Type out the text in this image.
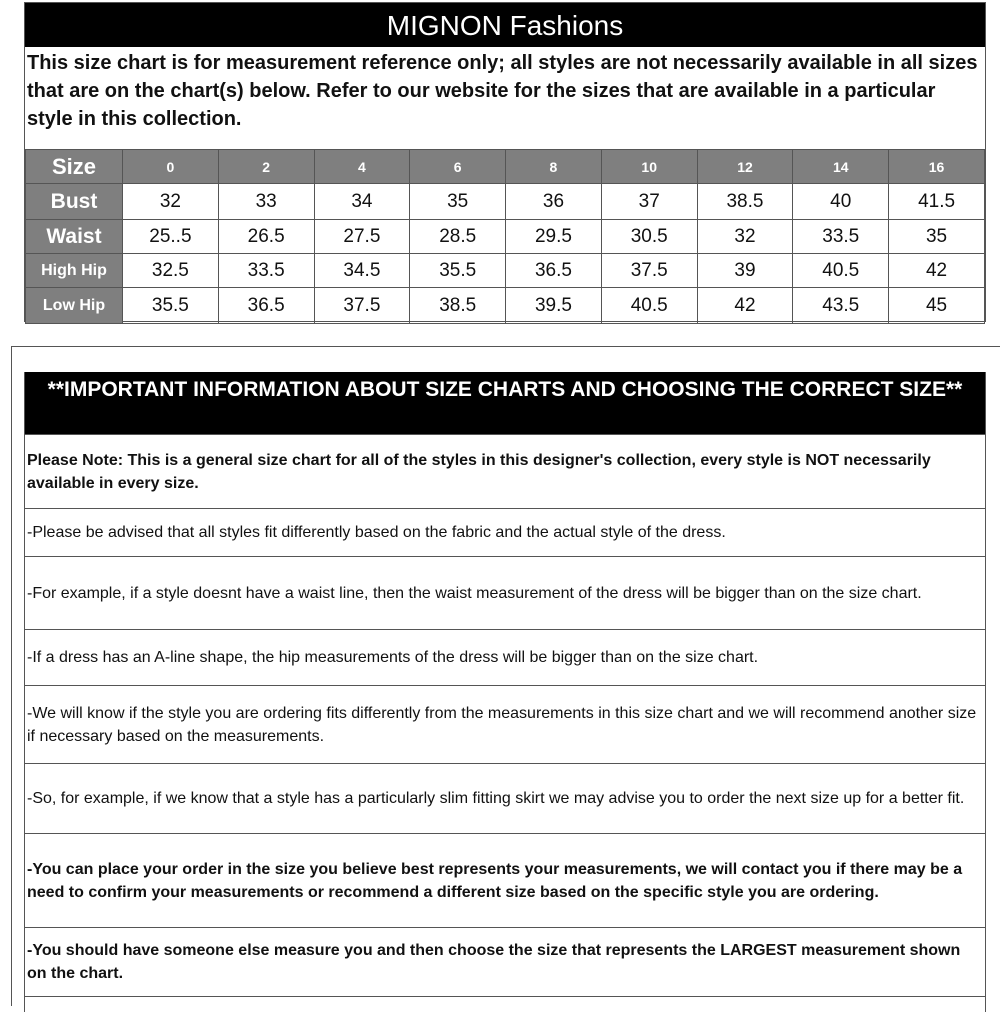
MIGNON Fashions
This size chart is for measurement reference only; all styles are not necessarily available in all sizes that are on the chart(s) below. Refer to our website for the sizes that are available in a particular style in this collection.
Size	0	2	4	6	8	10	12	14	16
Bust	32	33	34	35	36	37	38.5	40	41.5
Waist	25..5	26.5	27.5	28.5	29.5	30.5	32	33.5	35
High Hip	32.5	33.5	34.5	35.5	36.5	37.5	39	40.5	42
Low Hip	35.5	36.5	37.5	38.5	39.5	40.5	42	43.5	45
**IMPORTANT INFORMATION ABOUT SIZE CHARTS AND CHOOSING THE CORRECT SIZE**
Please Note: This is a general size chart for all of the styles in this designer's collection, every style is NOT necessarily available in every size.
-Please be advised that all styles fit differently based on the fabric and the actual style of the dress.
-For example, if a style doesnt have a waist line, then the waist measurement of the dress will be bigger than on the size chart.
-If a dress has an A-line shape, the hip measurements of the dress will be bigger than on the size chart.
-We will know if the style you are ordering fits differently from the measurements in this size chart and we will recommend another size if necessary based on the measurements.
-So, for example, if we know that a style has a particularly slim fitting skirt we may advise you to order the next size up for a better fit.
-You can place your order in the size you believe best represents your measurements, we will contact you if there may be a need to confirm your measurements or recommend a different size based on the specific style you are ordering.
-You should have someone else measure you and then choose the size that represents the LARGEST measurement shown on the chart.
